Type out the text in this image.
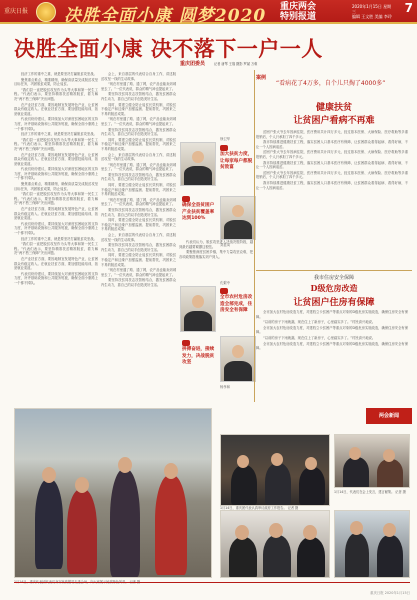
重庆日报 决胜全面小康 圆梦2020 重庆两会
特别报道
2020年1月15日 星期三
编辑 王文胜 美编 李玲
7
决胜全面小康 决不落下一户一人

经济工作的重中之重，就是要坚决打赢脱贫攻坚战。

聚焦重点难点，精准精细，确保高质量完成脱贫攻坚目标任务，巩固脱贫成果，防止返贫。

“我们县一直把脱贫攻坚作为头等大事和第一民生工程。”代表们表示，要坚持精准扶贫精准脱贫，着力解决“两不愁三保障”突出问题。

在产业扶贫方面，要因地制宜发展特色产业，让贫困群众有稳定收入。在就业扶贫方面，要加强技能培训，拓宽就业渠道。

代表们纷纷建议，要持续加大对深度贫困地区的支持力度，补齐基础设施和公共服务短板，确保全面小康路上一个都不掉队。

经济工作的重中之重，就是要坚决打赢脱贫攻坚战。

“我们县一直把脱贫攻坚作为头等大事和第一民生工程。”代表们表示，要坚持精准扶贫精准脱贫，着力解决“两不愁三保障”突出问题。

在产业扶贫方面，要因地制宜发展特色产业，让贫困群众有稳定收入。在就业扶贫方面，要加强技能培训，拓宽就业渠道。

代表们纷纷建议，要持续加大对深度贫困地区的支持力度，补齐基础设施和公共服务短板，确保全面小康路上一个都不掉队。

聚焦重点难点，精准精细，确保高质量完成脱贫攻坚目标任务，巩固脱贫成果，防止返贫。

“我们县一直把脱贫攻坚作为头等大事和第一民生工程。”代表们表示，要坚持精准扶贫精准脱贫，着力解决“两不愁三保障”突出问题。

在产业扶贫方面，要因地制宜发展特色产业，让贫困群众有稳定收入。在就业扶贫方面，要加强技能培训，拓宽就业渠道。

代表们纷纷建议，要持续加大对深度贫困地区的支持力度，补齐基础设施和公共服务短板，确保全面小康路上一个都不掉队。

经济工作的重中之重，就是要坚决打赢脱贫攻坚战。

“我们县一直把脱贫攻坚作为头等大事和第一民生工程。”代表们表示，要坚持精准扶贫精准脱贫，着力解决“两不愁三保障”突出问题。

在产业扶贫方面，要因地制宜发展特色产业，让贫困群众有稳定收入。在就业扶贫方面，要加强技能培训，拓宽就业渠道。

代表们纷纷建议，要持续加大对深度贫困地区的支持力度，补齐基础设施和公共服务短板，确保全面小康路上一个都不掉队。

会上，来自基层的代表结合自身工作，讲述脱贫攻坚一线的生动故事。

“现在村里通了路、通了网，农产品也能卖到城里去了。”一位代表说，群众的精气神也提起来了。

要坚持扶贫同扶志扶智相结合，激发贫困群众内生动力，靠自己的双手创造美好生活。

同时，要建立健全防止返贫长效机制，对脱贫不稳定户和边缘户加强监测、提前帮扶，巩固来之不易的脱贫成果。

“现在村里通了路、通了网，农产品也能卖到城里去了。”一位代表说，群众的精气神也提起来了。

要坚持扶贫同扶志扶智相结合，激发贫困群众内生动力，靠自己的双手创造美好生活。

同时，要建立健全防止返贫长效机制，对脱贫不稳定户和边缘户加强监测、提前帮扶，巩固来之不易的脱贫成果。

会上，来自基层的代表结合自身工作，讲述脱贫攻坚一线的生动故事。

“现在村里通了路、通了网，农产品也能卖到城里去了。”一位代表说，群众的精气神也提起来了。

要坚持扶贫同扶志扶智相结合，激发贫困群众内生动力，靠自己的双手创造美好生活。

同时，要建立健全防止返贫长效机制，对脱贫不稳定户和边缘户加强监测、提前帮扶，巩固来之不易的脱贫成果。

“现在村里通了路、通了网，农产品也能卖到城里去了。”一位代表说，群众的精气神也提起来了。

要坚持扶贫同扶志扶智相结合，激发贫困群众内生动力，靠自己的双手创造美好生活。

同时，要建立健全防止返贫长效机制，对脱贫不稳定户和边缘户加强监测、提前帮扶，巩固来之不易的脱贫成果。

会上，来自基层的代表结合自身工作，讲述脱贫攻坚一线的生动故事。

要坚持扶贫同扶志扶智相结合，激发贫困群众内生动力，靠自己的双手创造美好生活。

同时，要建立健全防止返贫长效机制，对脱贫不稳定户和边缘户加强监测、提前帮扶，巩固来之不易的脱贫成果。

“现在村里通了路、通了网，农产品也能卖到城里去了。”一位代表说，群众的精气神也提起来了。

要坚持扶贫同扶志扶智相结合，激发贫困群众内生动力，靠自己的双手创造美好生活。

重庆团委员	记者 唐琴 王翔 摄影 罗斌 万难
加大扶贫力度，让每家每户都脱贫致富
徐卫华
确保全县贫困户产业扶贫覆盖率达到100%
刘显凤
全市农村危房改造全部完成，住房安全有保障
孔繁中
拼搏奋进，接续发力，决战脱贫攻坚
杨孝和

代表们认为，脱贫攻坚进入决战决胜阶段，越到最后越要紧绷这根弦。

要聚焦深度贫困乡镇，集中力量攻坚克难，把各项政策措施落实到户到人。

案例
“看病花了4万多，自个儿只掏了4000多”
健康扶贫
让贫困户看病不再难

贫困户张大爷去年因病住院，医疗费用共计四万多元，经过基本医保、大病保险、医疗救助等多重报销后，个人只承担了四千多元。

我市持续推进健康扶贫工程，落实贫困人口基本医疗有保障，让贫困群众看得起病、看得好病，不让一个人因病返贫。

贫困户张大爷去年因病住院，医疗费用共计四万多元，经过基本医保、大病保险、医疗救助等多重报销后，个人只承担了四千多元。

我市持续推进健康扶贫工程，落实贫困人口基本医疗有保障，让贫困群众看得起病、看得好病，不让一个人因病返贫。

贫困户张大爷去年因病住院，医疗费用共计四万多元，经过基本医保、大病保险、医疗救助等多重报销后，个人只承担了四千多元。

我市持续推进健康扶贫工程，落实贫困人口基本医疗有保障，让贫困群众看得起病、看得好病，不让一个人因病返贫。

我市住房安全保障
D级危房改造
让贫困户住房有保障

全市加大农村危房改造力度，对建档立卡贫困户等重点对象的D级危房实施改造，确保住房安全有保障。

“以前的房子下雨就漏，现在住上了新房子，心里踏实多了。”村民高兴地说。

全市加大农村危房改造力度，对建档立卡贫困户等重点对象的D级危房实施改造，确保住房安全有保障。

“以前的房子下雨就漏，现在住上了新房子，心里踏实多了。”村民高兴地说。

全市加大农村危房改造力度，对建档立卡贫困户等重点对象的D级危房实施改造，确保住房安全有保障。

两会新闻
1月14日，代表们在会上发言，建言献策。 记者 摄
1月14日，重庆团代表认真审议政府工作报告。 记者 摄
重庆日报 2020年1月15日
